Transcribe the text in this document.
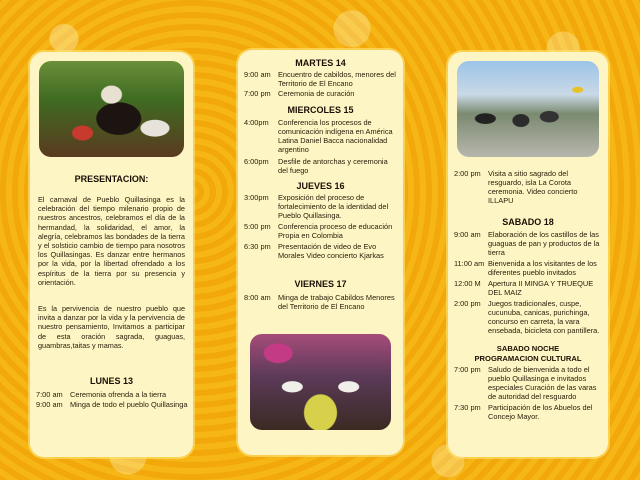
PRESENTACION:
El carnaval de Pueblo Quillasinga es la celebración del tiempo milenario propio de nuestros ancestros, celebramos el día de la hermandad, la solidaridad, el amor, la alegría, celebramos las bondades de la tierra y el solsticio cambio de tiempo para nosotros los Quillasingas. Es danzar entre hermanos por la vida, por la libertad ofrendado a los espíritus de la tierra por su presencia y orientación.
Es la pervivencia de nuestro pueblo que invita a danzar por la vida y la pervivencia de nuestro pensamiento, Invitamos a participar de esta oración sagrada, guaguas, guambras,taitas y mamas.
LUNES 13
7:00 am Ceremonia ofrenda a la tierra
9:00 am Minga de todo el pueblo Quillasinga
MARTES 14
9:00 am Encuentro de cabildos, menores del Territorio de El Encano
7:00 pm Ceremonia de curación
MIERCOLES 15
4:00pm	Conferencia los procesos de comunicación indígena en América Latina Daniel Bacca nacionalidad argentino
6:00pm	Desfile de antorchas y ceremonia del fuego
JUEVES 16
3:00pm	Exposición del proceso de fortalecimiento de la identidad del Pueblo Quillasinga.
5:00 pm Conferencia proceso de educación Propia en Colombia
6:30 pm Presentación de video de Evo Morales Video concierto Kjarkas
VIERNES 17
8:00 am Minga de trabajo Cabildos Menores del Territorio de El Encano
2:00 pm Visita a sitio sagrado del resguardo, isla La Corota ceremonia. Video concierto ILLAPU
SABADO 18
9:00 am Elaboración de los castillos de las guaguas de pan y productos de la tierra
11:00 am Bienvenida a los visitantes de los diferentes pueblo invitados
12:00 M Apertura II MINGA Y TRUEQUE DEL MAIZ
2:00 pm Juegos tradicionales, cuspe, cucunuba, canicas, purichinga, concurso en carreta, la vara ensebada, bicicleta con pantillera.
SABADO NOCHE
PROGRAMACION CULTURAL
7:00 pm Saludo de bienvenida a todo el pueblo Quillasinga e invitados especiales Curación de las varas de autoridad del resguardo
7:30 pm Participación de los Abuelos del Concejo Mayor.
